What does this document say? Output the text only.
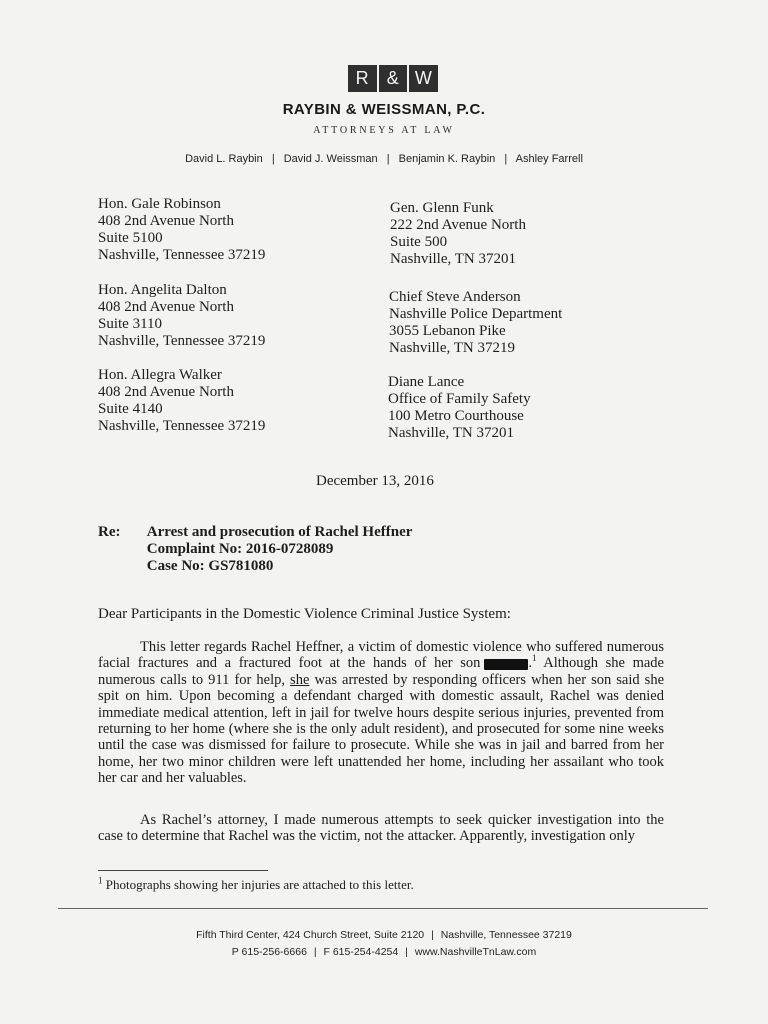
R & W
RAYBIN & WEISSMAN, P.C.
ATTORNEYS AT LAW
David L. Raybin | David J. Weissman | Benjamin K. Raybin | Ashley Farrell
Hon. Gale Robinson
408 2nd Avenue North
Suite 5100
Nashville, Tennessee 37219
Hon. Angelita Dalton
408 2nd Avenue North
Suite 3110
Nashville, Tennessee 37219
Hon. Allegra Walker
408 2nd Avenue North
Suite 4140
Nashville, Tennessee 37219
Gen. Glenn Funk
222 2nd Avenue North
Suite 500
Nashville, TN 37201
Chief Steve Anderson
Nashville Police Department
3055 Lebanon Pike
Nashville, TN 37219
Diane Lance
Office of Family Safety
100 Metro Courthouse
Nashville, TN 37201
December 13, 2016
Re: Arrest and prosecution of Rachel Heffner
Complaint No: 2016-0728089
Case No: GS781080
Dear Participants in the Domestic Violence Criminal Justice System:
This letter regards Rachel Heffner, a victim of domestic violence who suffered numerous facial fractures and a fractured foot at the hands of her son	.$^1$ Although she made numerous calls to 911 for help, she was arrested by responding officers when her son said she spit on him. Upon becoming a defendant charged with domestic assault, Rachel was denied immediate medical attention, left in jail for twelve hours despite serious injuries, prevented from returning to her home (where she is the only adult resident), and prosecuted for some nine weeks until the case was dismissed for failure to prosecute. While she was in jail and barred from her home, her two minor children were left unattended her home, including her assailant who took her car and her valuables.
As Rachel’s attorney, I made numerous attempts to seek quicker investigation into the case to determine that Rachel was the victim, not the attacker. Apparently, investigation only
$^1$ Photographs showing her injuries are attached to this letter.
Fifth Third Center, 424 Church Street, Suite 2120 | Nashville, Tennessee 37219
P 615-256-6666 | F 615-254-4254 | www.NashvilleTnLaw.com
